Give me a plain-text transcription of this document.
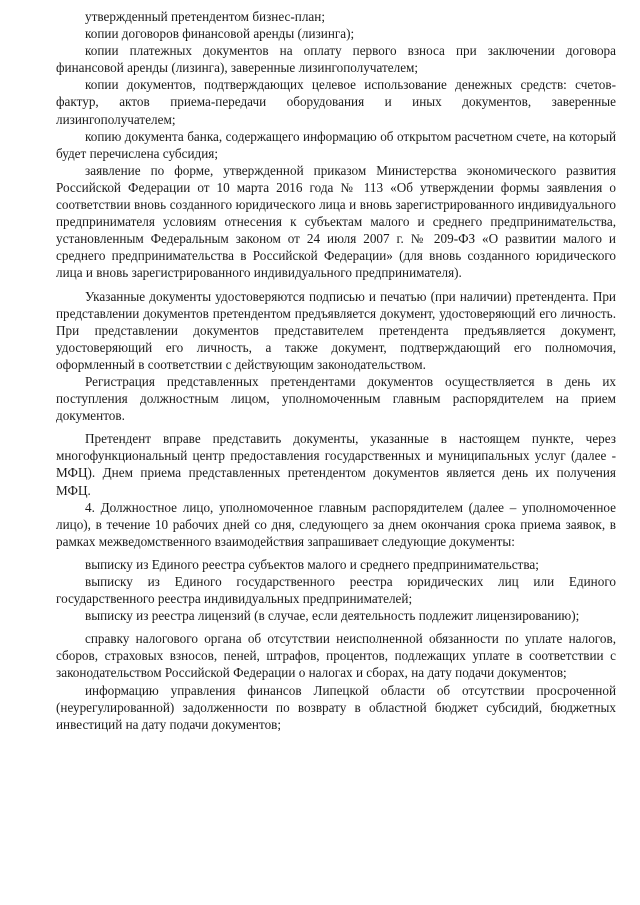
утвержденный претендентом бизнес-план;

копии договоров финансовой аренды (лизинга);

копии платежных документов на оплату первого взноса при заключении договора финансовой аренды (лизинга), заверенные лизингополучателем;

копии документов, подтверждающих целевое использование денежных средств: счетов-фактур, актов приема-передачи оборудования и иных документов, заверенные лизингополучателем;

копию документа банка, содержащего информацию об открытом расчетном счете, на который будет перечислена субсидия;

заявление по форме, утвержденной приказом Министерства экономического развития Российской Федерации от 10 марта 2016 года № 113 «Об утверждении формы заявления о соответствии вновь созданного юридического лица и вновь зарегистрированного индивидуального предпринимателя условиям отнесения к субъектам малого и среднего предпринимательства, установленным Федеральным законом от 24 июля 2007 г. № 209-ФЗ «О развитии малого и среднего предпринимательства в Российской Федерации» (для вновь созданного юридического лица и вновь зарегистрированного индивидуального предпринимателя).

Указанные документы удостоверяются подписью и печатью (при наличии) претендента. При представлении документов претендентом предъявляется документ, удостоверяющий его личность. При представлении документов представителем претендента предъявляется документ, удостоверяющий его личность, а также документ, подтверждающий его полномочия, оформленный в соответствии с действующим законодательством.

Регистрация представленных претендентами документов осуществляется в день их поступления должностным лицом, уполномоченным главным распорядителем на прием документов.

Претендент вправе представить документы, указанные в настоящем пункте, через многофункциональный центр предоставления государственных и муниципальных услуг (далее - МФЦ). Днем приема представленных претендентом документов является день их получения МФЦ.

4. Должностное лицо, уполномоченное главным распорядителем (далее – уполномоченное лицо), в течение 10 рабочих дней со дня, следующего за днем окончания срока приема заявок, в рамках межведомственного взаимодействия запрашивает следующие документы:

выписку из Единого реестра субъектов малого и среднего предпринимательства;

выписку из Единого государственного реестра юридических лиц или Единого государственного реестра индивидуальных предпринимателей;

выписку из реестра лицензий (в случае, если деятельность подлежит лицензированию);

справку налогового органа об отсутствии неисполненной обязанности по уплате налогов, сборов, страховых взносов, пеней, штрафов, процентов, подлежащих уплате в соответствии с законодательством Российской Федерации о налогах и сборах, на дату подачи документов;

информацию управления финансов Липецкой области об отсутствии просроченной (неурегулированной) задолженности по возврату в областной бюджет субсидий, бюджетных инвестиций на дату подачи документов;
